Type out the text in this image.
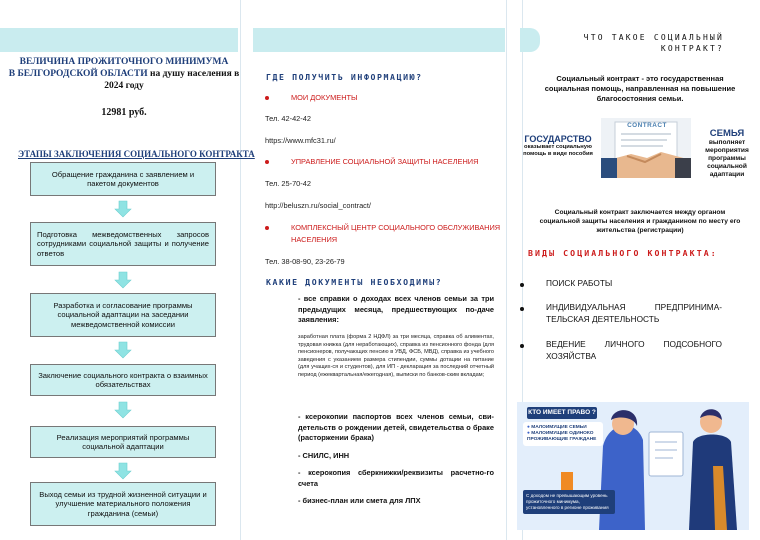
ВЕЛИЧИНА ПРОЖИТОЧНОГО МИНИМУМА
В БЕЛГОРОДСКОЙ ОБЛАСТИ на душу населения в
2024 году
12981 руб.
ЭТАПЫ ЗАКЛЮЧЕНИЯ СОЦИАЛЬНОГО КОНТРАКТА
Обращение гражданина с заявлением и пакетом документов
Подготовка межведомственных запросов сотрудниками социальной защиты и получение ответов
Разработка и согласование программы социальной адаптации на заседании межведомственной комиссии
Заключение социального контракта о взаимных обязательствах
Реализация мероприятий программы социальной адаптации
Выход семьи из трудной жизненной ситуации и улучшение материального положения гражданина (семьи)
ГДЕ ПОЛУЧИТЬ ИНФОРМАЦИЮ?
МОИ ДОКУМЕНТЫ
Тел. 42-42-42
https://www.mfc31.ru/
УПРАВЛЕНИЕ СОЦИАЛЬНОЙ ЗАЩИТЫ НАСЕЛЕНИЯ
Тел. 25-70-42
http://beluszn.ru/social_contract/
КОМПЛЕКСНЫЙ ЦЕНТР СОЦИАЛЬНОГО ОБСЛУЖИВАНИЯ
НАСЕЛЕНИЯ
Тел. 38-08-90, 23-26-79
КАКИЕ ДОКУМЕНТЫ НЕОБХОДИМЫ?
- все справки о доходах всех членов семьи за три предыдущих месяца, предшествующих по-даче заявления:
заработная плата (форма 2 НДФЛ) за три месяца, справка об алиментах, трудовая книжка (для неработающих), справка из пенсионного фонда (для пенсионеров, получающих пенсию в УВД, ФСБ, МВД), справка из учебного заведения с указанием размера стипендии, суммы дотации на питание (для учащих-ся и студентов), для ИП - декларация за последний отчетный период (ежеквартальная/ежегодная), выписки по банков-ским вкладам;
- ксерокопии паспортов всех членов семьи, сви-детельств о рождении детей, свидетельства о браке (расторжении брака)
- СНИЛС, ИНН
- ксерокопия сберкнижки/реквизиты расчетно-го счета
- бизнес-план или смета для ЛПХ
ЧТО ТАКОЕ СОЦИАЛЬНЫЙ
КОНТРАКТ?
Социальный контракт - это государственная социальная помощь, направленная на повышение благосостояния семьи.
ГОСУДАРСТВО
оказывает социальную помощь в виде пособия
CONTRACT
СЕМЬЯ
выполняет мероприятия программы социальной адаптации
Социальный контракт заключается между органом социальной защиты населения и гражданином по месту его жительства (регистрации)
ВИДЫ СОЦИАЛЬНОГО КОНТРАКТА:
ПОИСК РАБОТЫ
ИНДИВИДУАЛЬНАЯ ПРЕДПРИНИМА-ТЕЛЬСКАЯ ДЕЯТЕЛЬНОСТЬ
ВЕДЕНИЕ ЛИЧНОГО ПОДСОБНОГО ХОЗЯЙСТВА
КТО ИМЕЕТ ПРАВО ?
● МАЛОИМУЩИЕ СЕМЬИ
● МАЛОИМУЩИЕ ОДИНОКО ПРОЖИВАЮЩИЕ ГРАЖДАНЕ
С доходом не превышающим уровень прожиточного минимума, установленного в регионе проживания
